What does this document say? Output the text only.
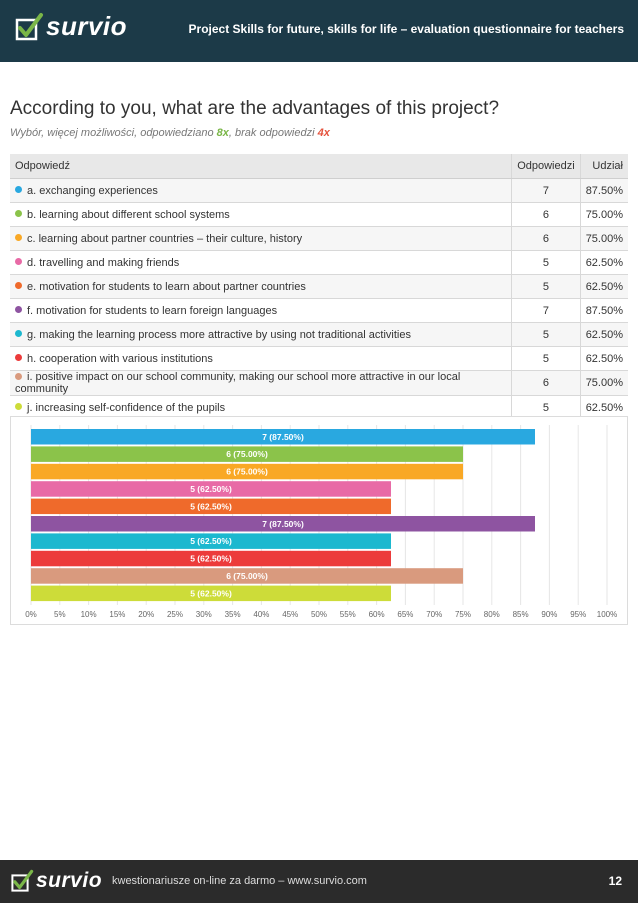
survio	Project Skills for future, skills for life – evaluation questionnaire for teachers
According to you, what are the advantages of this project?
Wybór, więcej możliwości, odpowiedziano 8x, brak odpowiedzi 4x
Odpowiedź	Odpowiedzi	Udział
a. exchanging experiences	7	87.50%
b. learning about different school systems	6	75.00%
c. learning about partner countries – their culture, history	6	75.00%
d. travelling and making friends	5	62.50%
e. motivation for students to learn about partner countries	5	62.50%
f. motivation for students to learn foreign languages	7	87.50%
g. making the learning process more attractive by using not traditional activities	5	62.50%
h. cooperation with various institutions	5	62.50%
i. positive impact on our school community, making our school more attractive in our local community	6	75.00%
j. increasing self-confidence of the pupils	5	62.50%
0% 5% 10% 15% 20% 25% 30% 35% 40% 45% 50% 55% 60% 65% 70% 75% 80% 85% 90% 95% 100%
7 (87.50%)
6 (75.00%)
6 (75.00%)
5 (62.50%)
5 (62.50%)
7 (87.50%)
5 (62.50%)
5 (62.50%)
6 (75.00%)
5 (62.50%)
survio kwestionariusze on-line za darmo – www.survio.com	12
